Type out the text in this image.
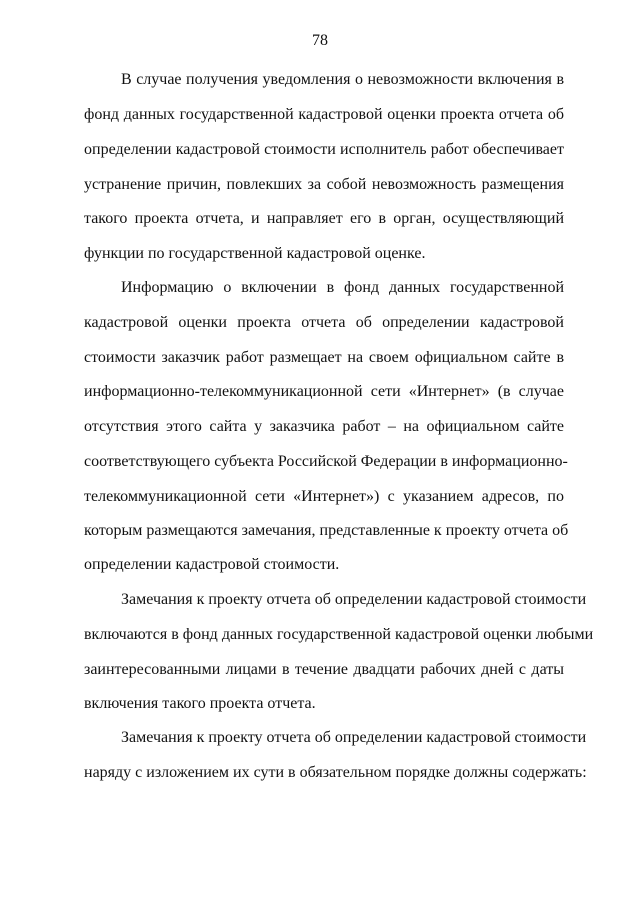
78
В случае получения уведомления о невозможности включения в
фонд данных государственной кадастровой оценки проекта отчета об
определении кадастровой стоимости исполнитель работ обеспечивает
устранение причин, повлекших за собой невозможность размещения
такого проекта отчета, и направляет его в орган, осуществляющий
функции по государственной кадастровой оценке.
Информацию о включении в фонд данных государственной
кадастровой оценки проекта отчета об определении кадастровой
стоимости заказчик работ размещает на своем официальном сайте в
информационно-телекоммуникационной сети «Интернет» (в случае
отсутствия этого сайта у заказчика работ – на официальном сайте
соответствующего субъекта Российской Федерации в информационно-
телекоммуникационной сети «Интернет») с указанием адресов, по
которым размещаются замечания, представленные к проекту отчета об
определении кадастровой стоимости.
Замечания к проекту отчета об определении кадастровой стоимости
включаются в фонд данных государственной кадастровой оценки любыми
заинтересованными лицами в течение двадцати рабочих дней с даты
включения такого проекта отчета.
Замечания к проекту отчета об определении кадастровой стоимости
наряду с изложением их сути в обязательном порядке должны содержать:
